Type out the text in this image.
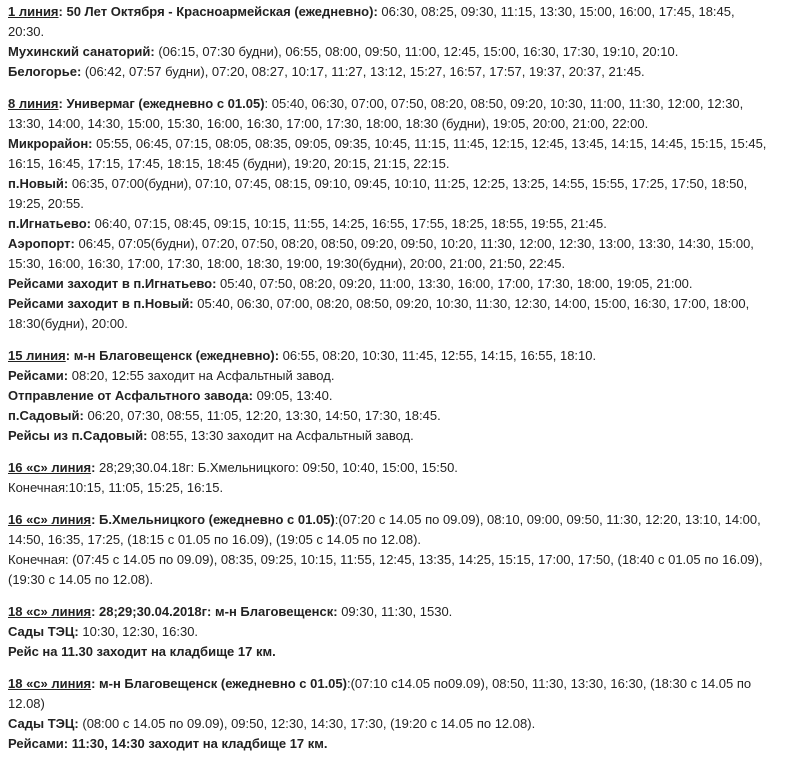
1 линия: 50 Лет Октября - Красноармейская (ежедневно): 06:30, 08:25, 09:30, 11:15, 13:30, 15:00, 16:00, 17:45, 18:45, 20:30.

Мухинский санаторий: (06:15, 07:30 будни), 06:55, 08:00, 09:50, 11:00, 12:45, 15:00, 16:30, 17:30, 19:10, 20:10.

Белогорье: (06:42, 07:57 будни), 07:20, 08:27, 10:17, 11:27, 13:12, 15:27, 16:57, 17:57, 19:37, 20:37, 21:45.

8 линия: Универмаг (ежедневно с 01.05): 05:40, 06:30, 07:00, 07:50, 08:20, 08:50, 09:20, 10:30, 11:00, 11:30, 12:00, 12:30, 13:30, 14:00, 14:30, 15:00, 15:30, 16:00, 16:30, 17:00, 17:30, 18:00, 18:30 (будни), 19:05, 20:00, 21:00, 22:00.

Микрорайон: 05:55, 06:45, 07:15, 08:05, 08:35, 09:05, 09:35, 10:45, 11:15, 11:45, 12:15, 12:45, 13:45, 14:15, 14:45, 15:15, 15:45, 16:15, 16:45, 17:15, 17:45, 18:15, 18:45 (будни), 19:20, 20:15, 21:15, 22:15.

п.Новый: 06:35, 07:00(будни), 07:10, 07:45, 08:15, 09:10, 09:45, 10:10, 11:25, 12:25, 13:25, 14:55, 15:55, 17:25, 17:50, 18:50, 19:25, 20:55.

п.Игнатьево: 06:40, 07:15, 08:45, 09:15, 10:15, 11:55, 14:25, 16:55, 17:55, 18:25, 18:55, 19:55, 21:45.

Аэропорт: 06:45, 07:05(будни), 07:20, 07:50, 08:20, 08:50, 09:20, 09:50, 10:20, 11:30, 12:00, 12:30, 13:00, 13:30, 14:30, 15:00, 15:30, 16:00, 16:30, 17:00, 17:30, 18:00, 18:30, 19:00, 19:30(будни), 20:00, 21:00, 21:50, 22:45.

Рейсами заходит в п.Игнатьево: 05:40, 07:50, 08:20, 09:20, 11:00, 13:30, 16:00, 17:00, 17:30, 18:00, 19:05, 21:00.

Рейсами заходит в п.Новый: 05:40, 06:30, 07:00, 08:20, 08:50, 09:20, 10:30, 11:30, 12:30, 14:00, 15:00, 16:30, 17:00, 18:00, 18:30(будни), 20:00.

15 линия: м-н Благовещенск (ежедневно): 06:55, 08:20, 10:30, 11:45, 12:55, 14:15, 16:55, 18:10.

Рейсами: 08:20, 12:55 заходит на Асфальтный завод.

Отправление от Асфальтного завода: 09:05, 13:40.

п.Садовый: 06:20, 07:30, 08:55, 11:05, 12:20, 13:30, 14:50, 17:30, 18:45.

Рейсы из п.Садовый: 08:55, 13:30 заходит на Асфальтный завод.

16 «с» линия: 28;29;30.04.18г: Б.Хмельницкого: 09:50, 10:40, 15:00, 15:50.

Конечная:10:15, 11:05, 15:25, 16:15.

16 «с» линия: Б.Хмельницкого (ежедневно с 01.05):(07:20 с 14.05 по 09.09), 08:10, 09:00, 09:50, 11:30, 12:20, 13:10, 14:00, 14:50, 16:35, 17:25, (18:15 с 01.05 по 16.09), (19:05 с 14.05 по 12.08).

Конечная: (07:45 с 14.05 по 09.09), 08:35, 09:25, 10:15, 11:55, 12:45, 13:35, 14:25, 15:15, 17:00, 17:50, (18:40 с 01.05 по 16.09), (19:30 с 14.05 по 12.08).

18 «с» линия: 28;29;30.04.2018г: м-н Благовещенск: 09:30, 11:30, 1530.

Сады ТЭЦ: 10:30, 12:30, 16:30.

Рейс на 11.30 заходит на кладбище 17 км.

18 «с» линия: м-н Благовещенск (ежедневно с 01.05):(07:10 с14.05 по09.09), 08:50, 11:30, 13:30, 16:30, (18:30 с 14.05 по 12.08)

Сады ТЭЦ: (08:00 с 14.05 по 09.09), 09:50, 12:30, 14:30, 17:30, (19:20 с 14.05 по 12.08).

Рейсами: 11:30, 14:30 заходит на кладбище 17 км.
